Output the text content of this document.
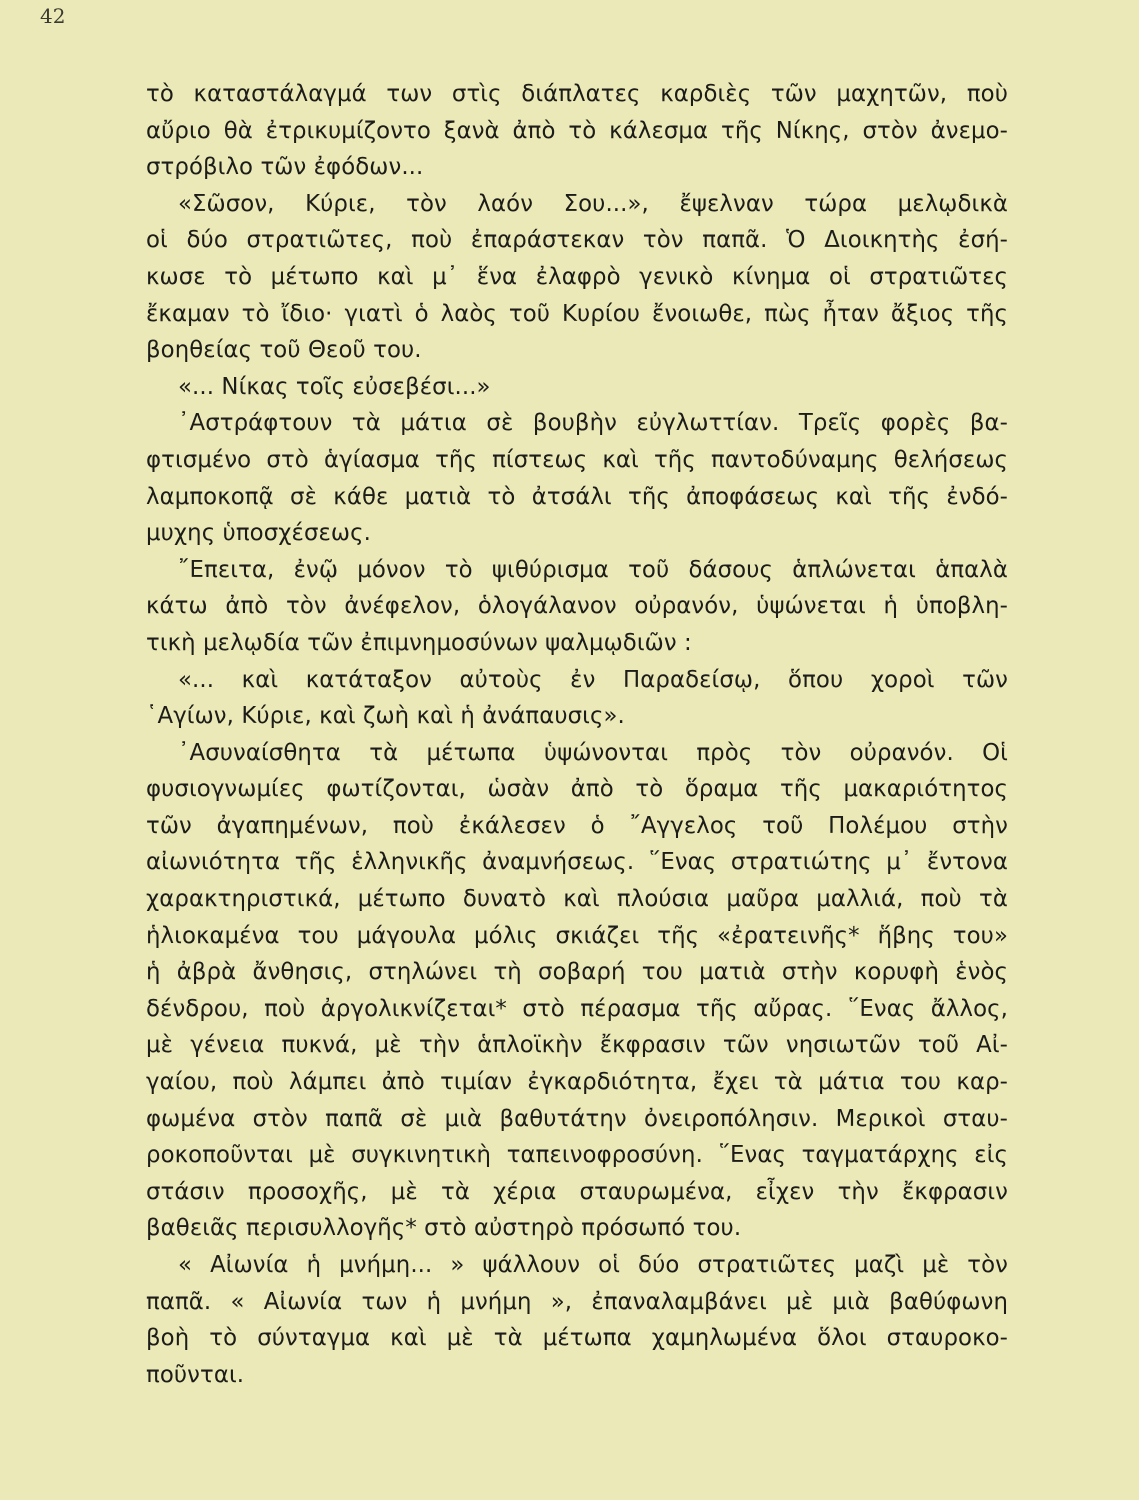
42
τὸ καταστάλαγμά των στὶς διάπλατες καρδιὲς τῶν μαχητῶν, ποὺ
αὔριο θὰ ἐτρικυμίζοντο ξανὰ ἀπὸ τὸ κάλεσμα τῆς Νίκης, στὸν ἀνεμο-
στρόβιλο τῶν ἐφόδων...
«Σῶσον, Κύριε, τὸν λαόν Σου...», ἔψελναν τώρα μελῳδικὰ
οἱ δύο στρατιῶτες, ποὺ ἐπαράστεκαν τὸν παπᾶ. Ὁ Διοικητὴς ἐσή-
κωσε τὸ μέτωπο καὶ μ᾽ ἕνα ἐλαφρὸ γενικὸ κίνημα οἱ στρατιῶτες
ἔκαμαν τὸ ἴδιο· γιατὶ ὁ λαὸς τοῦ Κυρίου ἔνοιωθε, πὼς ἦταν ἄξιος τῆς
βοηθείας τοῦ Θεοῦ του.
«... Νίκας τοῖς εὐσεβέσι...»
᾽Αστράφτουν τὰ μάτια σὲ βουβὴν εὐγλωττίαν. Τρεῖς φορὲς βα-
φτισμένο στὸ ἁγίασμα τῆς πίστεως καὶ τῆς παντοδύναμης θελήσεως
λαμποκοπᾷ σὲ κάθε ματιὰ τὸ ἀτσάλι τῆς ἀποφάσεως καὶ τῆς ἐνδό-
μυχης ὑποσχέσεως.
῎Επειτα, ἐνῷ μόνον τὸ ψιθύρισμα τοῦ δάσους ἁπλώνεται ἁπαλὰ
κάτω ἀπὸ τὸν ἀνέφελον, ὁλογάλανον οὐρανόν, ὑψώνεται ἡ ὑποβλη-
τικὴ μελῳδία τῶν ἐπιμνημοσύνων ψαλμῳδιῶν :
«... καὶ κατάταξον αὐτοὺς ἐν Παραδείσῳ, ὅπου χοροὶ τῶν
῾Αγίων, Κύριε, καὶ ζωὴ καὶ ἡ ἀνάπαυσις».
᾽Ασυναίσθητα τὰ μέτωπα ὑψώνονται πρὸς τὸν οὐρανόν. Οἱ
φυσιογνωμίες φωτίζονται, ὡσὰν ἀπὸ τὸ ὅραμα τῆς μακαριότητος
τῶν ἀγαπημένων, ποὺ ἐκάλεσεν ὁ ῎Αγγελος τοῦ Πολέμου στὴν
αἰωνιότητα τῆς ἑλληνικῆς ἀναμνήσεως. ῞Ενας στρατιώτης μ᾽ ἔντονα
χαρακτηριστικά, μέτωπο δυνατὸ καὶ πλούσια μαῦρα μαλλιά, ποὺ τὰ
ἡλιοκαμένα του μάγουλα μόλις σκιάζει τῆς «ἐρατεινῆς* ἥβης του»
ἡ ἀβρὰ ἄνθησις, στηλώνει τὴ σοβαρή του ματιὰ στὴν κορυφὴ ἑνὸς
δένδρου, ποὺ ἀργολικνίζεται* στὸ πέρασμα τῆς αὔρας. ῞Ενας ἄλλος,
μὲ γένεια πυκνά, μὲ τὴν ἁπλοϊκὴν ἔκφρασιν τῶν νησιωτῶν τοῦ Αἰ-
γαίου, ποὺ λάμπει ἀπὸ τιμίαν ἐγκαρδιότητα, ἔχει τὰ μάτια του καρ-
φωμένα στὸν παπᾶ σὲ μιὰ βαθυτάτην ὀνειροπόλησιν. Μερικοὶ σταυ-
ροκοποῦνται μὲ συγκινητικὴ ταπεινοφροσύνη. ῞Ενας ταγματάρχης εἰς
στάσιν προσοχῆς, μὲ τὰ χέρια σταυρωμένα, εἶχεν τὴν ἔκφρασιν
βαθειᾶς περισυλλογῆς* στὸ αὐστηρὸ πρόσωπό του.
« Αἰωνία ἡ μνήμη... » ψάλλουν οἱ δύο στρατιῶτες μαζὶ μὲ τὸν
παπᾶ. « Αἰωνία των ἡ μνήμη », ἐπαναλαμβάνει μὲ μιὰ βαθύφωνη
βοὴ τὸ σύνταγμα καὶ μὲ τὰ μέτωπα χαμηλωμένα ὅλοι σταυροκο-
ποῦνται.
